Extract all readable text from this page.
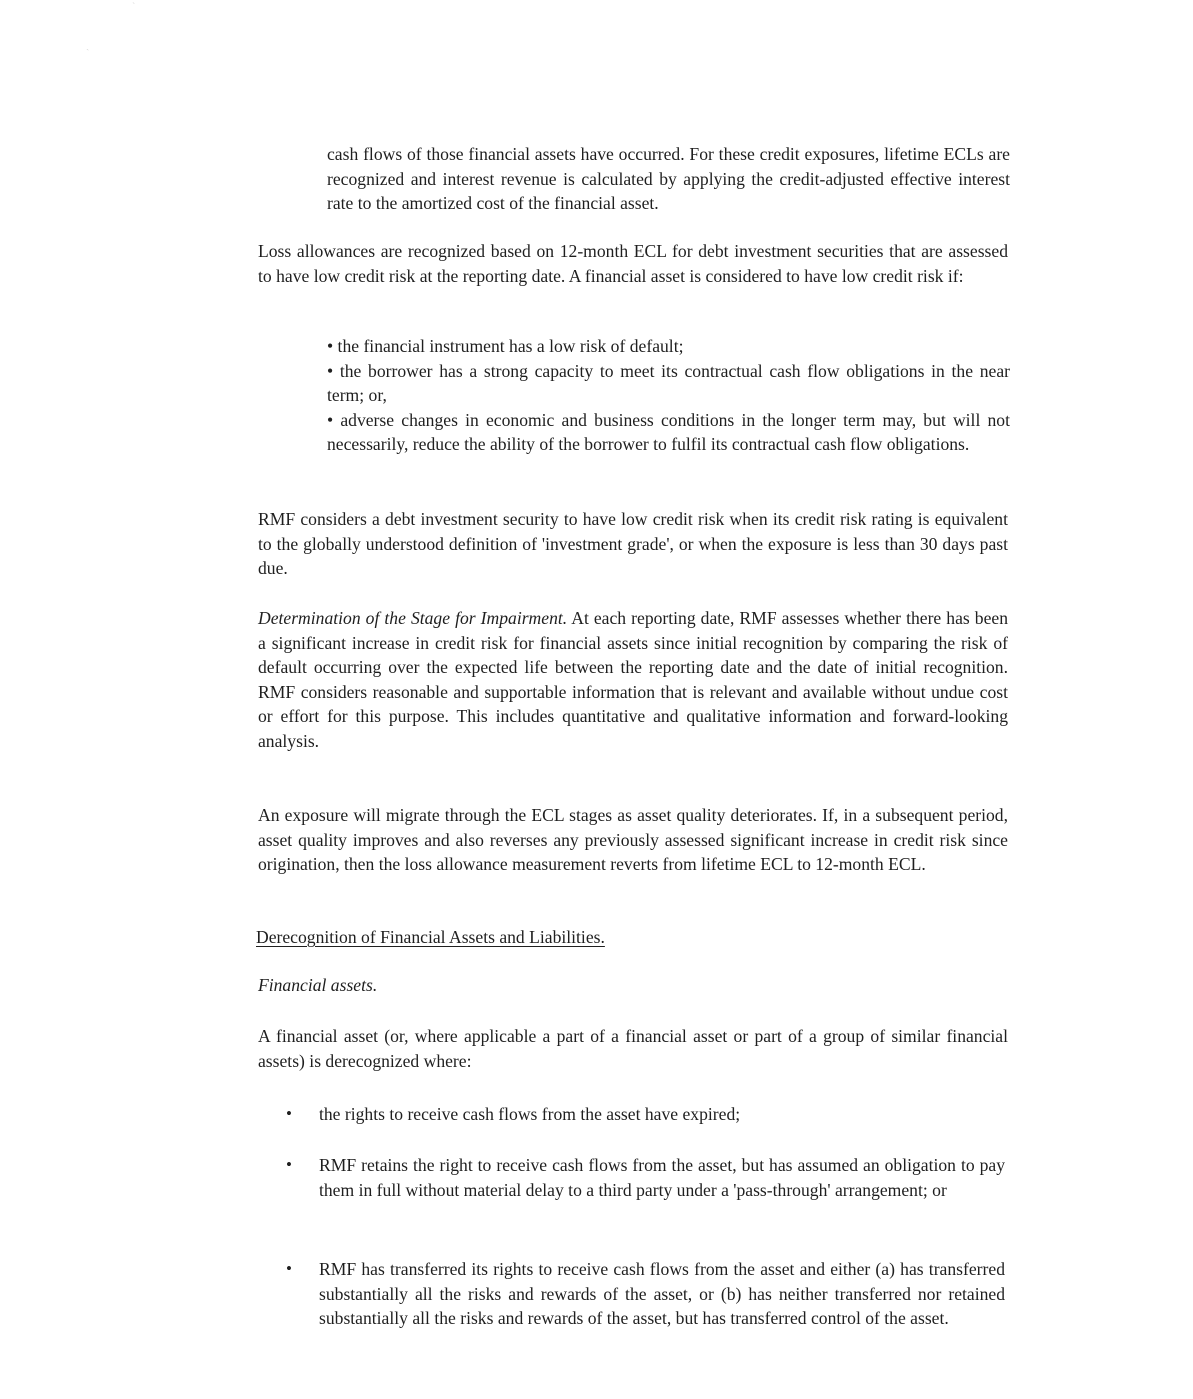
ˋ
ˏ

cash flows of those financial assets have occurred. For these credit exposures, lifetime ECLs are recognized and interest revenue is calculated by applying the credit-adjusted effective interest rate to the amortized cost of the financial asset.

Loss allowances are recognized based on 12-month ECL for debt investment securities that are assessed to have low credit risk at the reporting date. A financial asset is considered to have low credit risk if:

• the financial instrument has a low risk of default;

• the borrower has a strong capacity to meet its contractual cash flow obligations in the near term; or,

• adverse changes in economic and business conditions in the longer term may, but will not necessarily, reduce the ability of the borrower to fulfil its contractual cash flow obligations.

RMF considers a debt investment security to have low credit risk when its credit risk rating is equivalent to the globally understood definition of 'investment grade', or when the exposure is less than 30 days past due.

Determination of the Stage for Impairment. At each reporting date, RMF assesses whether there has been a significant increase in credit risk for financial assets since initial recognition by comparing the risk of default occurring over the expected life between the reporting date and the date of initial recognition. RMF considers reasonable and supportable information that is relevant and available without undue cost or effort for this purpose. This includes quantitative and qualitative information and forward-looking analysis.

An exposure will migrate through the ECL stages as asset quality deteriorates. If, in a subsequent period, asset quality improves and also reverses any previously assessed significant increase in credit risk since origination, then the loss allowance measurement reverts from lifetime ECL to 12-month ECL.

Derecognition of Financial Assets and Liabilities.

Financial assets.

A financial asset (or, where applicable a part of a financial asset or part of a group of similar financial assets) is derecognized where:

• the rights to receive cash flows from the asset have expired;
• RMF retains the right to receive cash flows from the asset, but has assumed an obligation to pay them in full without material delay to a third party under a 'pass-through' arrangement; or
• RMF has transferred its rights to receive cash flows from the asset and either (a) has transferred substantially all the risks and rewards of the asset, or (b) has neither transferred nor retained substantially all the risks and rewards of the asset, but has transferred control of the asset.
